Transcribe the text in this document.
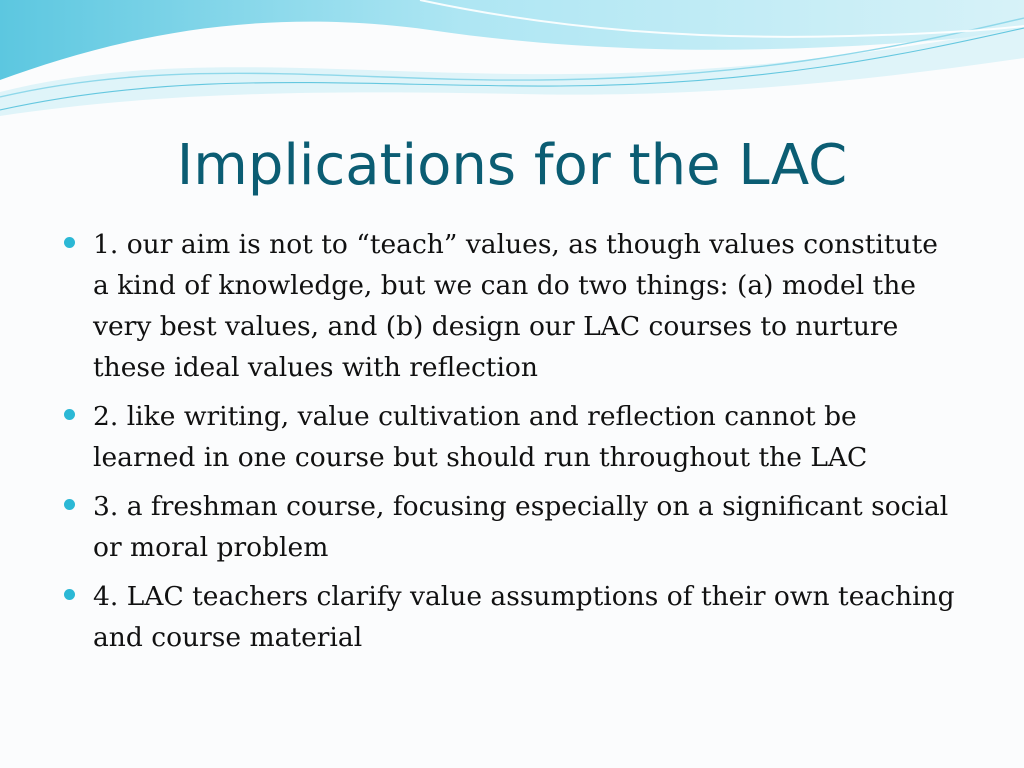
Implications for the LAC
1. our aim is not to “teach” values, as though values constitute a kind of knowledge, but we can do two things: (a) model the very best values, and (b) design our LAC courses to nurture these ideal values with reflection
2. like writing, value cultivation and reflection cannot be learned in one course but should run throughout the LAC
3. a freshman course, focusing especially on a significant social or moral problem
4. LAC teachers clarify value assumptions of their own teaching and course material
